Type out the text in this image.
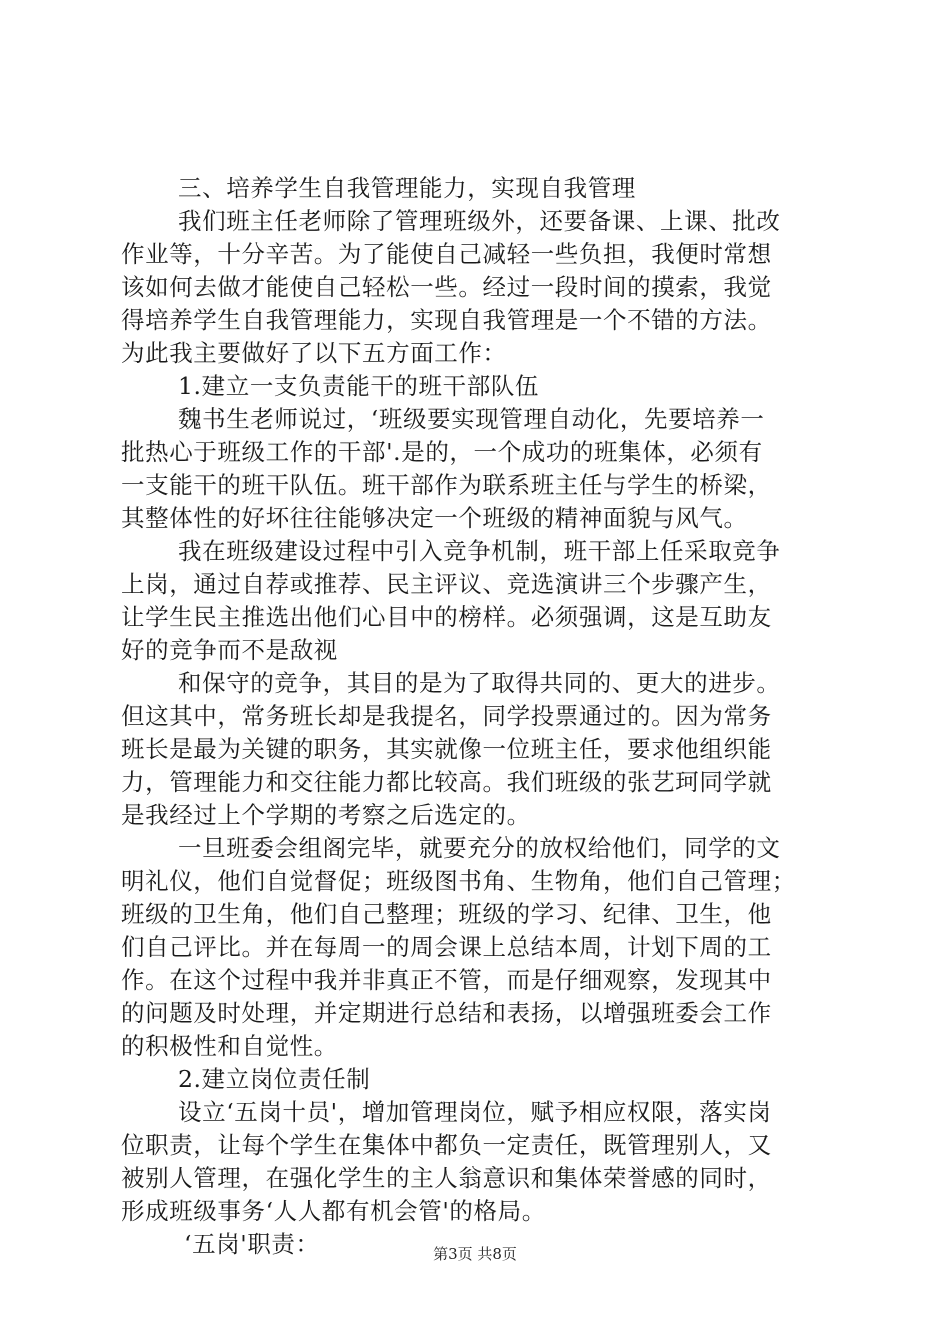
三、培养学生自我管理能力，实现自我管理
我们班主任老师除了管理班级外，还要备课、上课、批改
作业等，十分辛苦。为了能使自己减轻一些负担，我便时常想
该如何去做才能使自己轻松一些。经过一段时间的摸索，我觉
得培养学生自我管理能力，实现自我管理是一个不错的方法。
为此我主要做好了以下五方面工作：
1.建立一支负责能干的班干部队伍
魏书生老师说过，‘班级要实现管理自动化，先要培养一
批热心于班级工作的干部'.是的，一个成功的班集体，必须有
一支能干的班干队伍。班干部作为联系班主任与学生的桥梁，
其整体性的好坏往往能够决定一个班级的精神面貌与风气。
我在班级建设过程中引入竞争机制，班干部上任采取竞争
上岗，通过自荐或推荐、民主评议、竞选演讲三个步骤产生，
让学生民主推选出他们心目中的榜样。必须强调，这是互助友
好的竞争而不是敌视
和保守的竞争，其目的是为了取得共同的、更大的进步。
但这其中，常务班长却是我提名，同学投票通过的。因为常务
班长是最为关键的职务，其实就像一位班主任，要求他组织能
力，管理能力和交往能力都比较高。我们班级的张艺珂同学就
是我经过上个学期的考察之后选定的。
一旦班委会组阁完毕，就要充分的放权给他们，同学的文
明礼仪，他们自觉督促；班级图书角、生物角，他们自己管理；
班级的卫生角，他们自己整理；班级的学习、纪律、卫生，他
们自己评比。并在每周一的周会课上总结本周，计划下周的工
作。在这个过程中我并非真正不管，而是仔细观察，发现其中
的问题及时处理，并定期进行总结和表扬，以增强班委会工作
的积极性和自觉性。
2.建立岗位责任制
设立‘五岗十员'，增加管理岗位，赋予相应权限，落实岗
位职责，让每个学生在集体中都负一定责任，既管理别人，又
被别人管理，在强化学生的主人翁意识和集体荣誉感的同时，
形成班级事务‘人人都有机会管'的格局。
‘五岗'职责：	第3页 共8页
